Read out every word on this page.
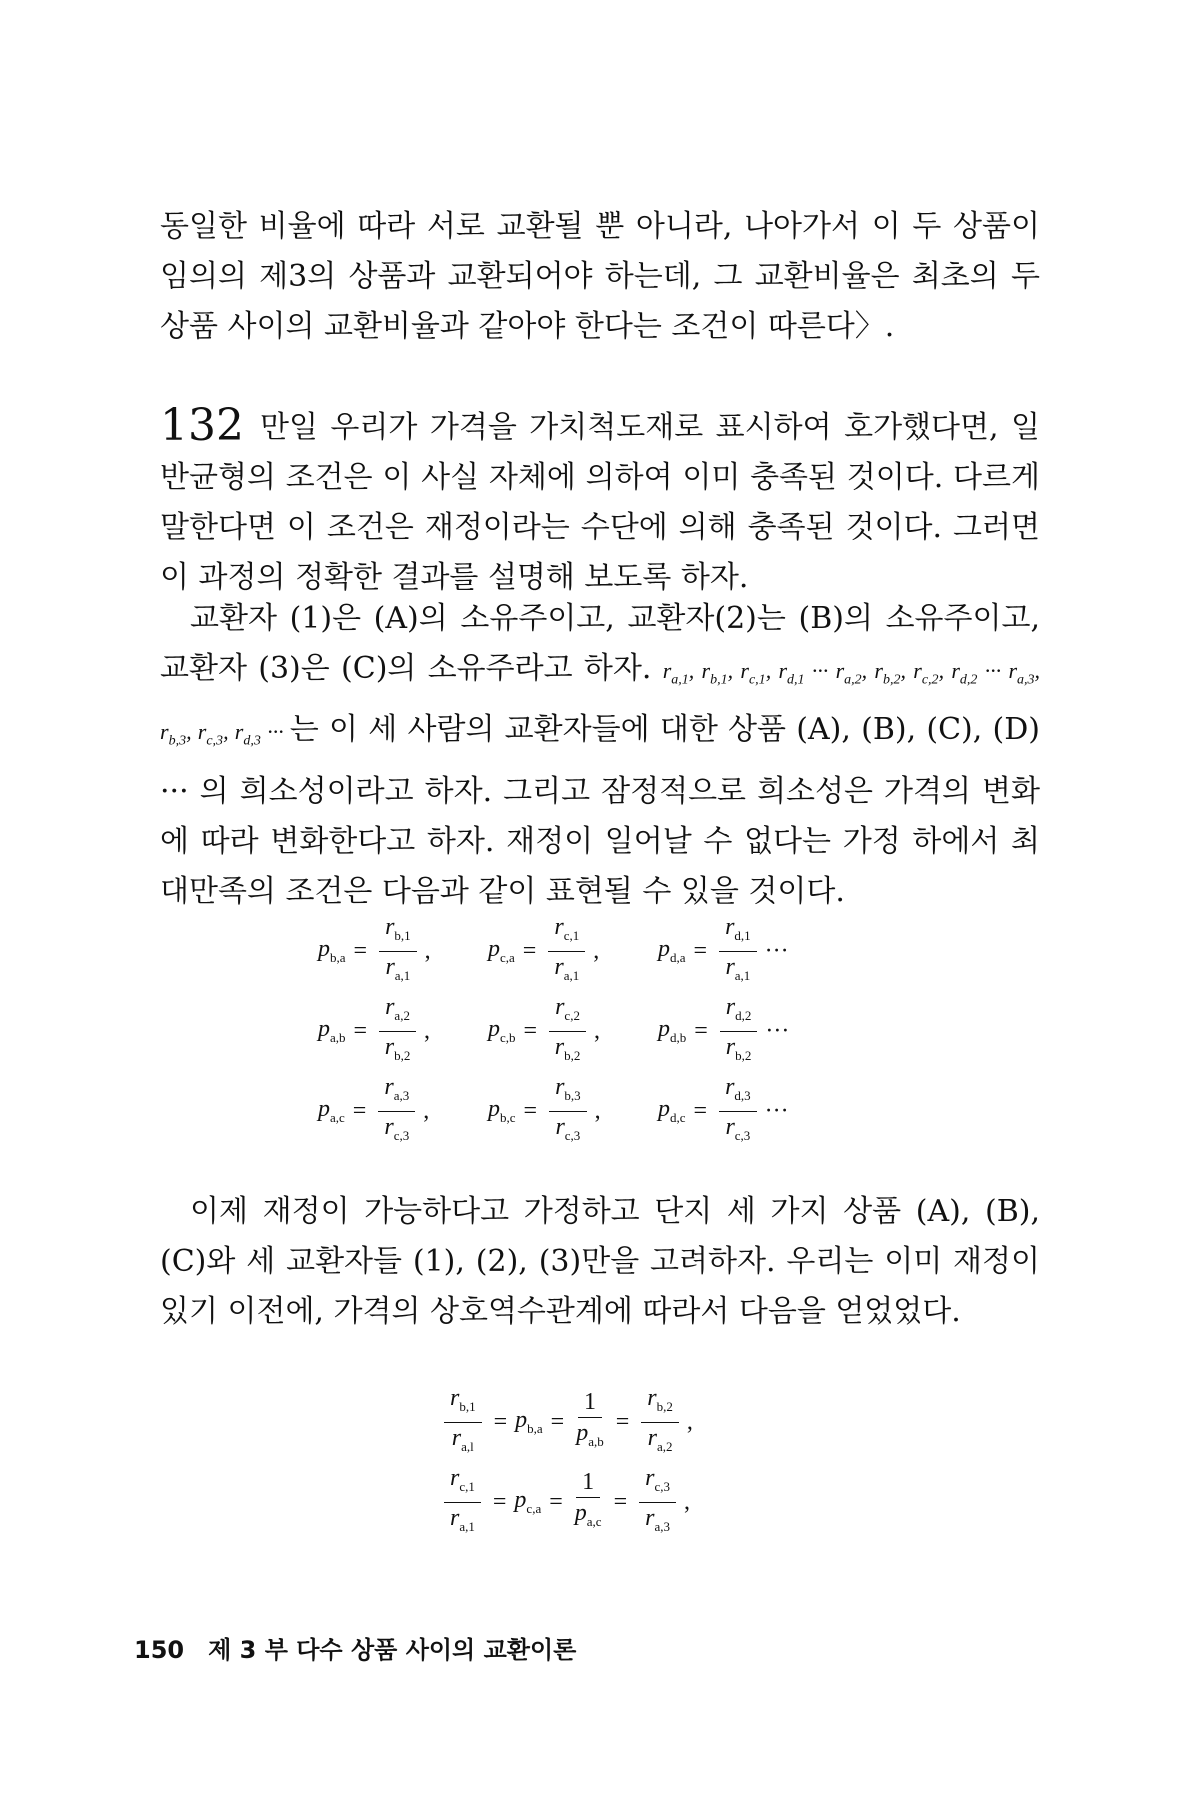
동일한 비율에 따라 서로 교환될 뿐 아니라, 나아가서 이 두 상품이 임의의 제3의 상품과 교환되어야 하는데, 그 교환비율은 최초의 두 상품 사이의 교환비율과 같아야 한다는 조건이 따른다〉.

132 만일 우리가 가격을 가치척도재로 표시하여 호가했다면, 일반균형의 조건은 이 사실 자체에 의하여 이미 충족된 것이다. 다르게 말한다면 이 조건은 재정이라는 수단에 의해 충족된 것이다. 그러면 이 과정의 정확한 결과를 설명해 보도록 하자.

교환자 (1)은 (A)의 소유주이고, 교환자(2)는 (B)의 소유주이고, 교환자 (3)은 (C)의 소유주라고 하자. $r_{a,1}$, $r_{b,1}$, $r_{c,1}$, $r_{d,1}$ ··· $r_{a,2}$, $r_{b,2}$, $r_{c,2}$, $r_{d,2}$ ··· $r_{a,3}$, $r_{b,3}$, $r_{c,3}$, $r_{d,3}$ ··· 는 이 세 사람의 교환자들에 대한 상품 (A), (B), (C), (D) ··· 의 희소성이라고 하자. 그리고 잠정적으로 희소성은 가격의 변화에 따라 변화한다고 하자. 재정이 일어날 수 없다는 가정 하에서 최대만족의 조건은 다음과 같이 표현될 수 있을 것이다.

$p_{b,a} = \frac{r_{b,1}}{r_{a,1}}$ , $p_{c,a} = \frac{r_{c,1}}{r_{a,1}}$ , $p_{d,a} = \frac{r_{d,1}}{r_{a,1}}$ ···
$p_{a,b} = \frac{r_{a,2}}{r_{b,2}}$ , $p_{c,b} = \frac{r_{c,2}}{r_{b,2}}$ , $p_{d,b} = \frac{r_{d,2}}{r_{b,2}}$ ···
$p_{a,c} = \frac{r_{a,3}}{r_{c,3}}$ , $p_{b,c} = \frac{r_{b,3}}{r_{c,3}}$ , $p_{d,c} = \frac{r_{d,3}}{r_{c,3}}$ ···

이제 재정이 가능하다고 가정하고 단지 세 가지 상품 (A), (B), (C)와 세 교환자들 (1), (2), (3)만을 고려하자. 우리는 이미 재정이 있기 이전에, 가격의 상호역수관계에 따라서 다음을 얻었었다.

$\frac{r_{b,1}}{r_{a,l}} = p_{b,a} = \frac{1}{p_{a,b}} = \frac{r_{b,2}}{r_{a,2}}$ ,
$\frac{r_{c,1}}{r_{a,1}} = p_{c,a} = \frac{1}{p_{a,c}} = \frac{r_{c,3}}{r_{a,3}}$ ,
150 제 3 부 다수 상품 사이의 교환이론
